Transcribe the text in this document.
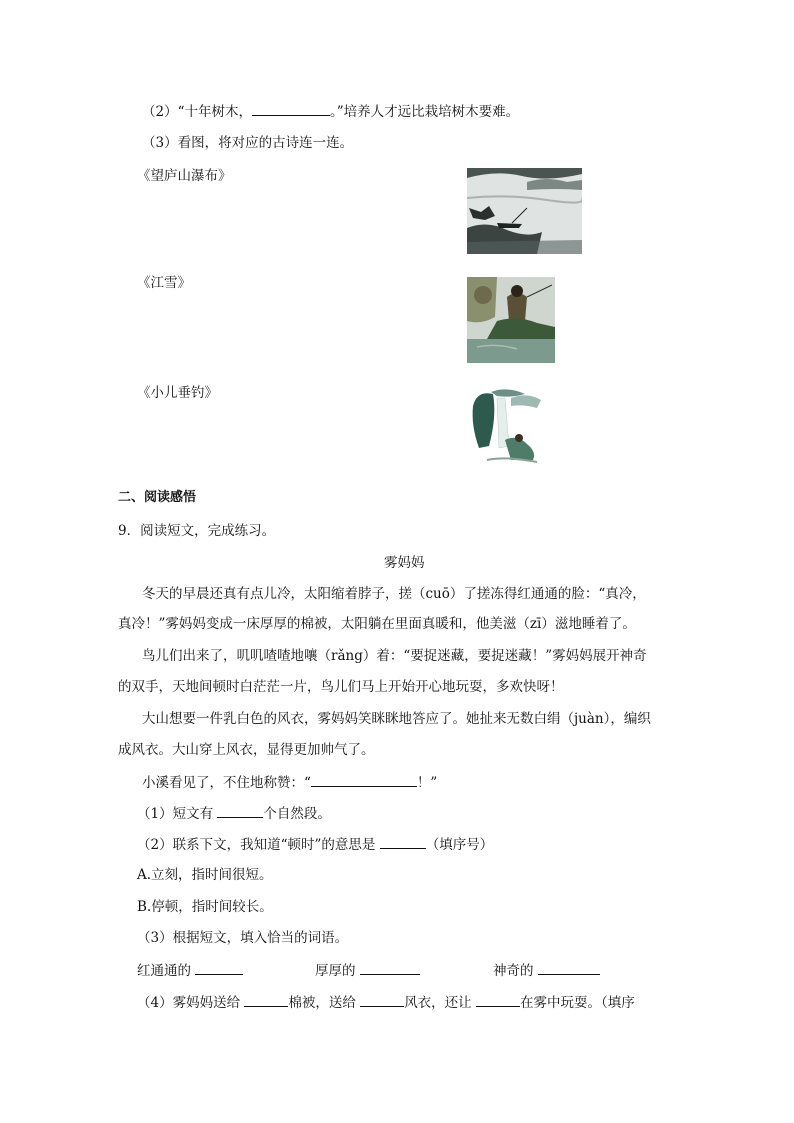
（2）“十年树木，	。”培养人才远比栽培树木要难。
（3）看图，将对应的古诗连一连。
《望庐山瀑布》
《江雪》
《小儿垂钓》
二、阅读感悟
9．阅读短文，完成练习。
雾妈妈
冬天的早晨还真有点儿冷，太阳缩着脖子，搓（cuō）了搓冻得红通通的脸：“真冷，
真冷！”雾妈妈变成一床厚厚的棉被，太阳躺在里面真暖和，他美滋（zī）滋地睡着了。
鸟儿们出来了，叽叽喳喳地嚷（rǎng）着：“要捉迷藏，要捉迷藏！”雾妈妈展开神奇
的双手，天地间顿时白茫茫一片，鸟儿们马上开始开心地玩耍，多欢快呀！
大山想要一件乳白色的风衣，雾妈妈笑眯眯地答应了。她扯来无数白绢（juàn），编织
成风衣。大山穿上风衣，显得更加帅气了。
小溪看见了，不住地称赞：“	！”
（1）短文有	个自然段。
（2）联系下文，我知道“顿时”的意思是	（填序号）
A.立刻，指时间很短。
B.停顿，指时间较长。
（3）根据短文，填入恰当的词语。
红通通的	厚厚的	神奇的
（4）雾妈妈送给	棉被，送给	风衣，还让	在雾中玩耍。（填序
